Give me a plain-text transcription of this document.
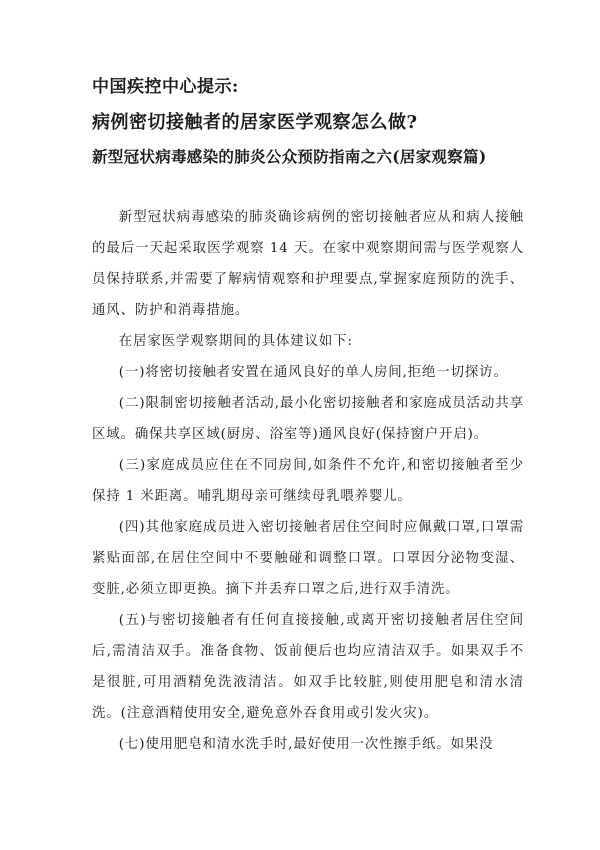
中国疾控中心提示:
病例密切接触者的居家医学观察怎么做?
新型冠状病毒感染的肺炎公众预防指南之六(居家观察篇)

新型冠状病毒感染的肺炎确诊病例的密切接触者应从和病人接触的最后一天起采取医学观察 14 天。在家中观察期间需与医学观察人员保持联系,并需要了解病情观察和护理要点,掌握家庭预防的洗手、通风、防护和消毒措施。

在居家医学观察期间的具体建议如下:

(一)将密切接触者安置在通风良好的单人房间,拒绝一切探访。

(二)限制密切接触者活动,最小化密切接触者和家庭成员活动共享区域。确保共享区域(厨房、浴室等)通风良好(保持窗户开启)。

(三)家庭成员应住在不同房间,如条件不允许,和密切接触者至少保持 1 米距离。哺乳期母亲可继续母乳喂养婴儿。

(四)其他家庭成员进入密切接触者居住空间时应佩戴口罩,口罩需紧贴面部,在居住空间中不要触碰和调整口罩。口罩因分泌物变湿、变脏,必须立即更换。摘下并丢弃口罩之后,进行双手清洗。

(五)与密切接触者有任何直接接触,或离开密切接触者居住空间后,需清洁双手。准备食物、饭前便后也均应清洁双手。如果双手不是很脏,可用酒精免洗液清洁。如双手比较脏,则使用肥皂和清水清洗。(注意酒精使用安全,避免意外吞食用或引发火灾)。

(七)使用肥皂和清水洗手时,最好使用一次性擦手纸。如果没
